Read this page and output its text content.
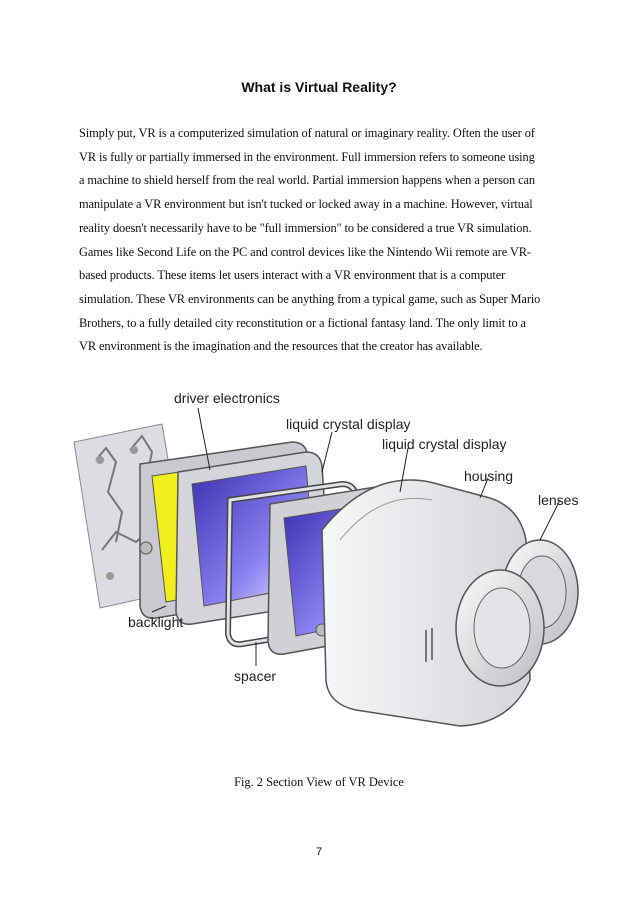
What is Virtual Reality?
Simply put, VR is a computerized simulation of natural or imaginary reality. Often the user of
VR is fully or partially immersed in the environment. Full immersion refers to someone using
a machine to shield herself from the real world. Partial immersion happens when a person can
manipulate a VR environment but isn't tucked or locked away in a machine. However, virtual
reality doesn't necessarily have to be "full immersion" to be considered a true VR simulation.
Games like Second Life on the PC and control devices like the Nintendo Wii remote are VR-
based products. These items let users interact with a VR environment that is a computer
simulation. These VR environments can be anything from a typical game, such as Super Mario
Brothers, to a fully detailed city reconstitution or a fictional fantasy land. The only limit to a
VR environment is the imagination and the resources that the creator has available.
driver electronics
liquid crystal display
liquid crystal display
housing
lenses
backlight
spacer
Fig. 2 Section View of VR Device
7
